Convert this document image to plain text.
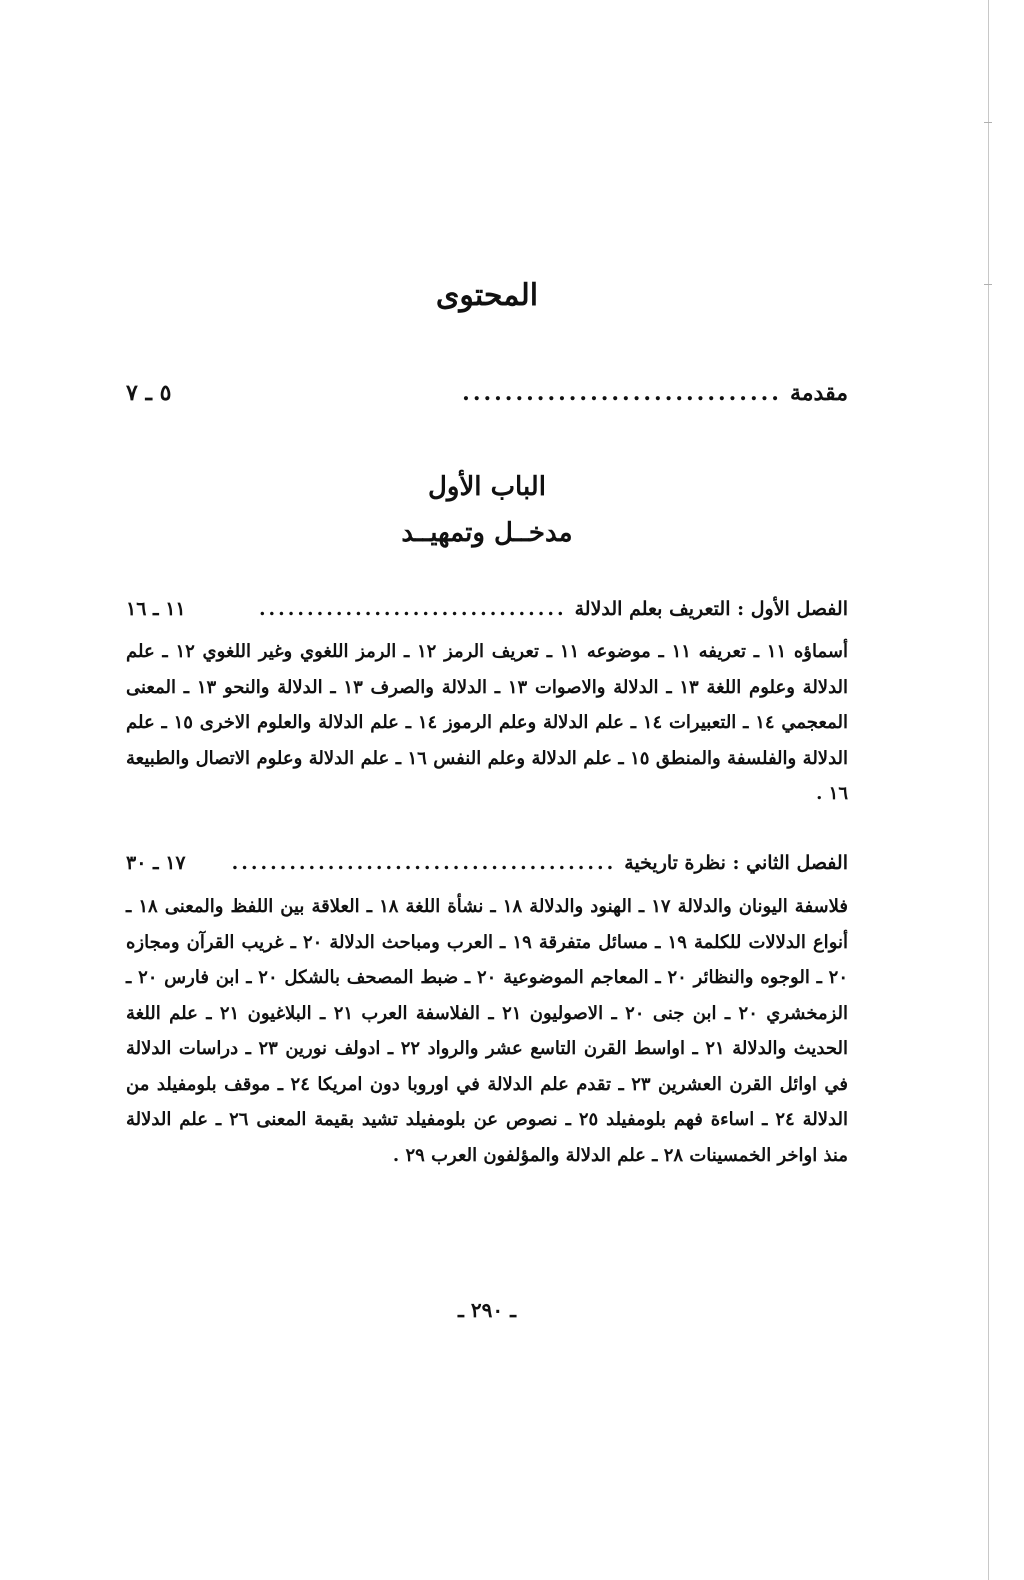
المحتوى
مقدمة
..............................
٥ ـ ٧
الباب الأول
مدخــل وتمهيــد
الفصل الأول : التعريف بعلم الدلالة
................................
١١ ـ ١٦
أسماؤه ١١ ـ تعريفه ١١ ـ موضوعه ١١ ـ تعريف الرمز ١٢ ـ الرمز اللغوي وغير اللغوي ١٢ ـ علم الدلالة وعلوم اللغة ١٣ ـ الدلالة والاصوات ١٣ ـ الدلالة والصرف ١٣ ـ الدلالة والنحو ١٣ ـ المعنى المعجمي ١٤ ـ التعبيرات ١٤ ـ علم الدلالة وعلم الرموز ١٤ ـ علم الدلالة والعلوم الاخرى ١٥ ـ علم الدلالة والفلسفة والمنطق ١٥ ـ علم الدلالة وعلم النفس ١٦ ـ علم الدلالة وعلوم الاتصال والطبيعة ١٦ .
الفصل الثاني : نظرة تاريخية
........................................
١٧ ـ ٣٠
فلاسفة اليونان والدلالة ١٧ ـ الهنود والدلالة ١٨ ـ نشأة اللغة ١٨ ـ العلاقة بين اللفظ والمعنى ١٨ ـ أنواع الدلالات للكلمة ١٩ ـ مسائل متفرقة ١٩ ـ العرب ومباحث الدلالة ٢٠ ـ غريب القرآن ومجازه ٢٠ ـ الوجوه والنظائر ٢٠ ـ المعاجم الموضوعية ٢٠ ـ ضبط المصحف بالشكل ٢٠ ـ ابن فارس ٢٠ ـ الزمخشري ٢٠ ـ ابن جنى ٢٠ ـ الاصوليون ٢١ ـ الفلاسفة العرب ٢١ ـ البلاغيون ٢١ ـ علم اللغة الحديث والدلالة ٢١ ـ اواسط القرن التاسع عشر والرواد ٢٢ ـ ادولف نورين ٢٣ ـ دراسات الدلالة في اوائل القرن العشرين ٢٣ ـ تقدم علم الدلالة في اوروبا دون امريكا ٢٤ ـ موقف بلومفيلد من الدلالة ٢٤ ـ اساءة فهم بلومفيلد ٢٥ ـ نصوص عن بلومفيلد تشيد بقيمة المعنى ٢٦ ـ علم الدلالة منذ اواخر الخمسينات ٢٨ ـ علم الدلالة والمؤلفون العرب ٢٩ .
ـ ٢٩٠ ـ
